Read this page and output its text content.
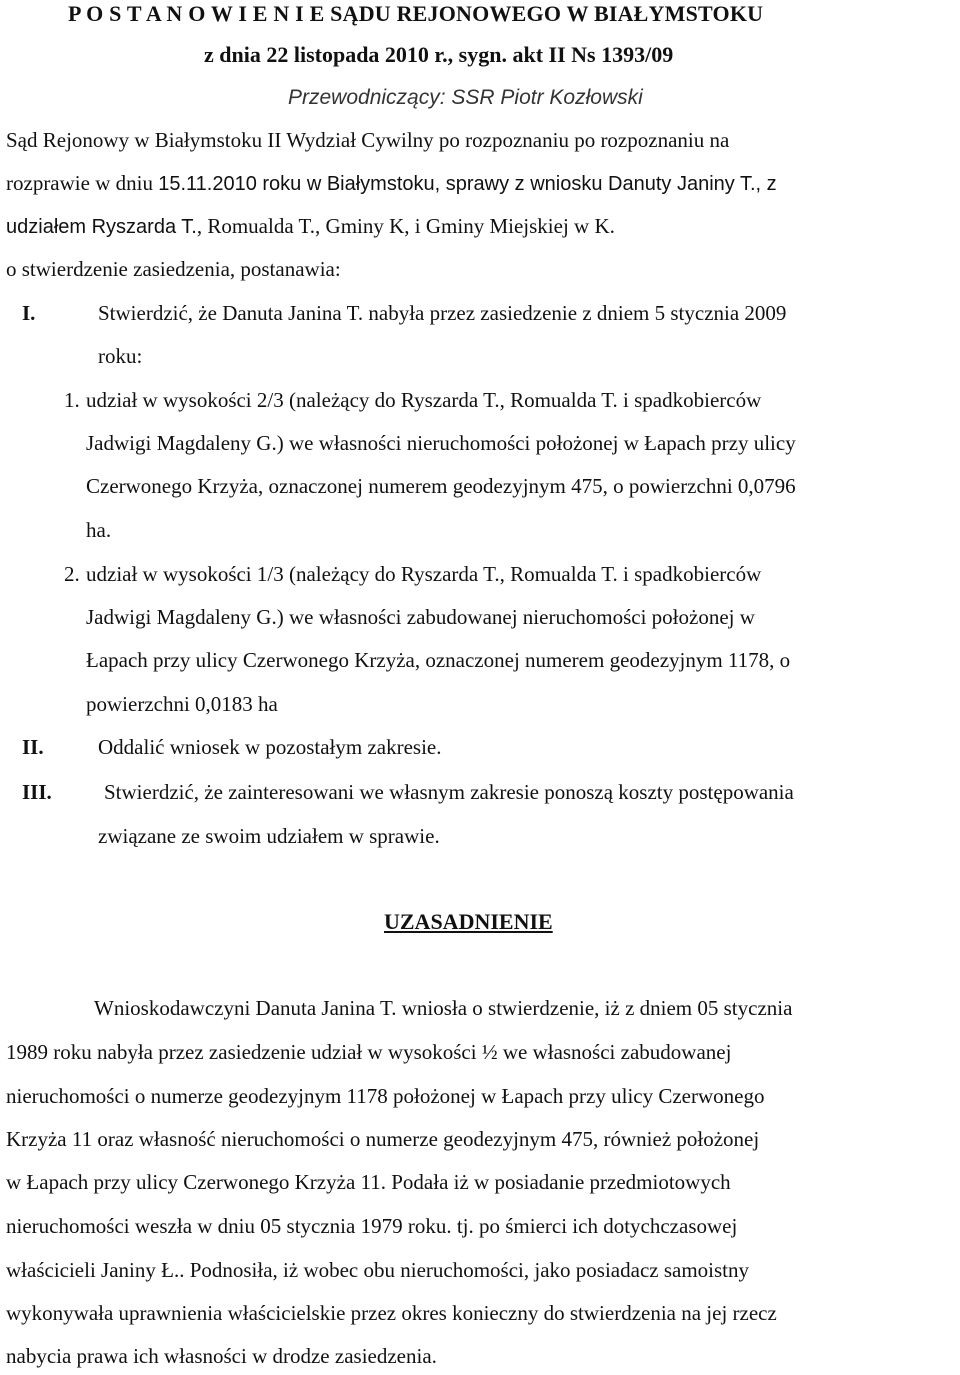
P O S T A N O W I E N I E SĄDU REJONOWEGO W BIAŁYMSTOKU
z dnia 22 listopada 2010 r., sygn. akt II Ns 1393/09
Przewodniczący: SSR Piotr Kozłowski
Sąd Rejonowy w Białymstoku II Wydział Cywilny po rozpoznaniu po rozpoznaniu na
rozprawie w dniu 15.11.2010 roku w Białymstoku, sprawy z wniosku Danuty Janiny T., z
udziałem Ryszarda T., Romualda T., Gminy K, i Gminy Miejskiej w K.
o stwierdzenie zasiedzenia, postanawia:
I.	Stwierdzić, że Danuta Janina T. nabyła przez zasiedzenie z dniem 5 stycznia 2009
roku:
1. udział w wysokości 2/3 (należący do Ryszarda T., Romualda T. i spadkobierców
Jadwigi Magdaleny G.) we własności nieruchomości położonej w Łapach przy ulicy
Czerwonego Krzyża, oznaczonej numerem geodezyjnym 475, o powierzchni 0,0796
ha.
2. udział w wysokości 1/3 (należący do Ryszarda T., Romualda T. i spadkobierców
Jadwigi Magdaleny G.) we własności zabudowanej nieruchomości położonej w
Łapach przy ulicy Czerwonego Krzyża, oznaczonej numerem geodezyjnym 1178, o
powierzchni 0,0183 ha
II.	Oddalić wniosek w pozostałym zakresie.
III. Stwierdzić, że zainteresowani we własnym zakresie ponoszą koszty postępowania
związane ze swoim udziałem w sprawie.
UZASADNIENIE
Wnioskodawczyni Danuta Janina T. wniosła o stwierdzenie, iż z dniem 05 stycznia
1989 roku nabyła przez zasiedzenie udział w wysokości ½ we własności zabudowanej
nieruchomości o numerze geodezyjnym 1178 położonej w Łapach przy ulicy Czerwonego
Krzyża 11 oraz własność nieruchomości o numerze geodezyjnym 475, również położonej
w Łapach przy ulicy Czerwonego Krzyża 11. Podała iż w posiadanie przedmiotowych
nieruchomości weszła w dniu 05 stycznia 1979 roku. tj. po śmierci ich dotychczasowej
właścicieli Janiny Ł.. Podnosiła, iż wobec obu nieruchomości, jako posiadacz samoistny
wykonywała uprawnienia właścicielskie przez okres konieczny do stwierdzenia na jej rzecz
nabycia prawa ich własności w drodze zasiedzenia.
